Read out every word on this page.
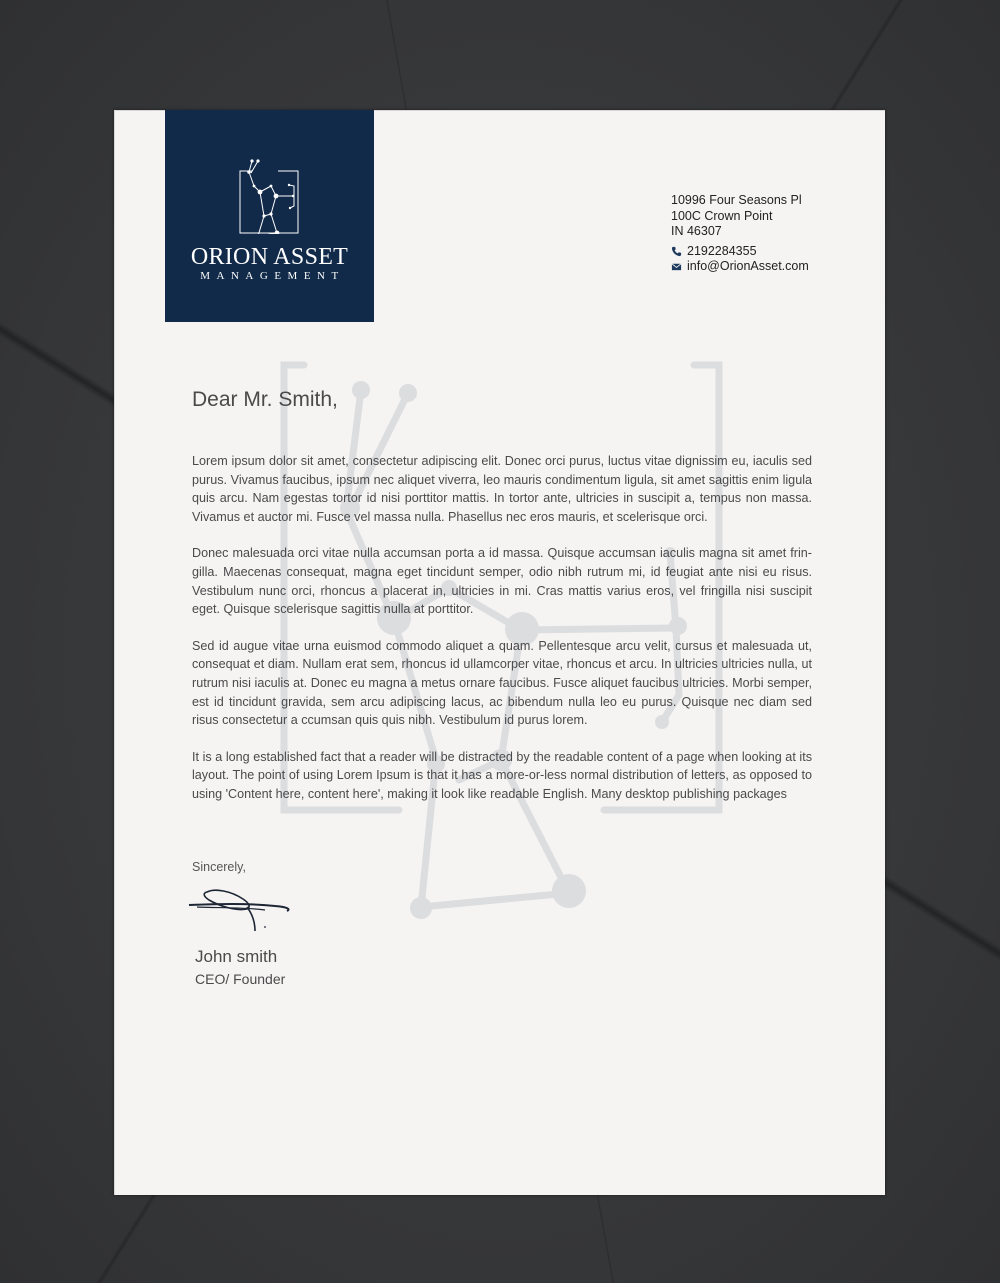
ORION ASSET
MANAGEMENT
10996 Four Seasons Pl
100C Crown Point
IN 46307
2192284355
info@OrionAsset.com
Dear Mr. Smith,

Lorem ipsum dolor sit amet, consectetur adipiscing elit. Donec orci purus, luctus vitae dignissim eu, iaculis sed purus. Vivamus faucibus, ipsum nec aliquet viverra, leo mauris condimentum ligula, sit amet sagittis enim ligula quis arcu. Nam egestas tortor id nisi porttitor mattis. In tortor ante, ultricies in suscipit a, tempus non massa. Vivamus et auctor mi. Fusce vel massa nulla. Phasellus nec eros mauris, et scelerisque orci.

Donec malesuada orci vitae nulla accumsan porta a id massa. Quisque accumsan iaculis magna sit amet fringilla. Maecenas consequat, magna eget tincidunt semper, odio nibh rutrum mi, id feugiat ante nisi eu risus. Vestibulum nunc orci, rhoncus a placerat in, ultricies in mi. Cras mattis varius eros, vel fringilla nisi suscipit eget. Quisque scelerisque sagittis nulla at porttitor.

Sed id augue vitae urna euismod commodo aliquet a quam. Pellentesque arcu velit, cursus et malesuada ut, consequat et diam. Nullam erat sem, rhoncus id ullamcorper vitae, rhoncus et arcu. In ultricies ultricies nulla, ut rutrum nisi iaculis at. Donec eu magna a metus ornare faucibus. Fusce aliquet faucibus ultricies. Morbi semper, est id tincidunt gravida, sem arcu adipiscing lacus, ac bibendum nulla leo eu purus. Quisque nec diam sed risus consectetur a ccumsan quis quis nibh. Vestibulum id purus lorem.

It is a long established fact that a reader will be distracted by the readable content of a page when looking at its layout. The point of using Lorem Ipsum is that it has a more-or-less normal distribution of letters, as opposed to using 'Content here, content here', making it look like readable English. Many desktop publishing packages

Sincerely,
John smith
CEO/ Founder
